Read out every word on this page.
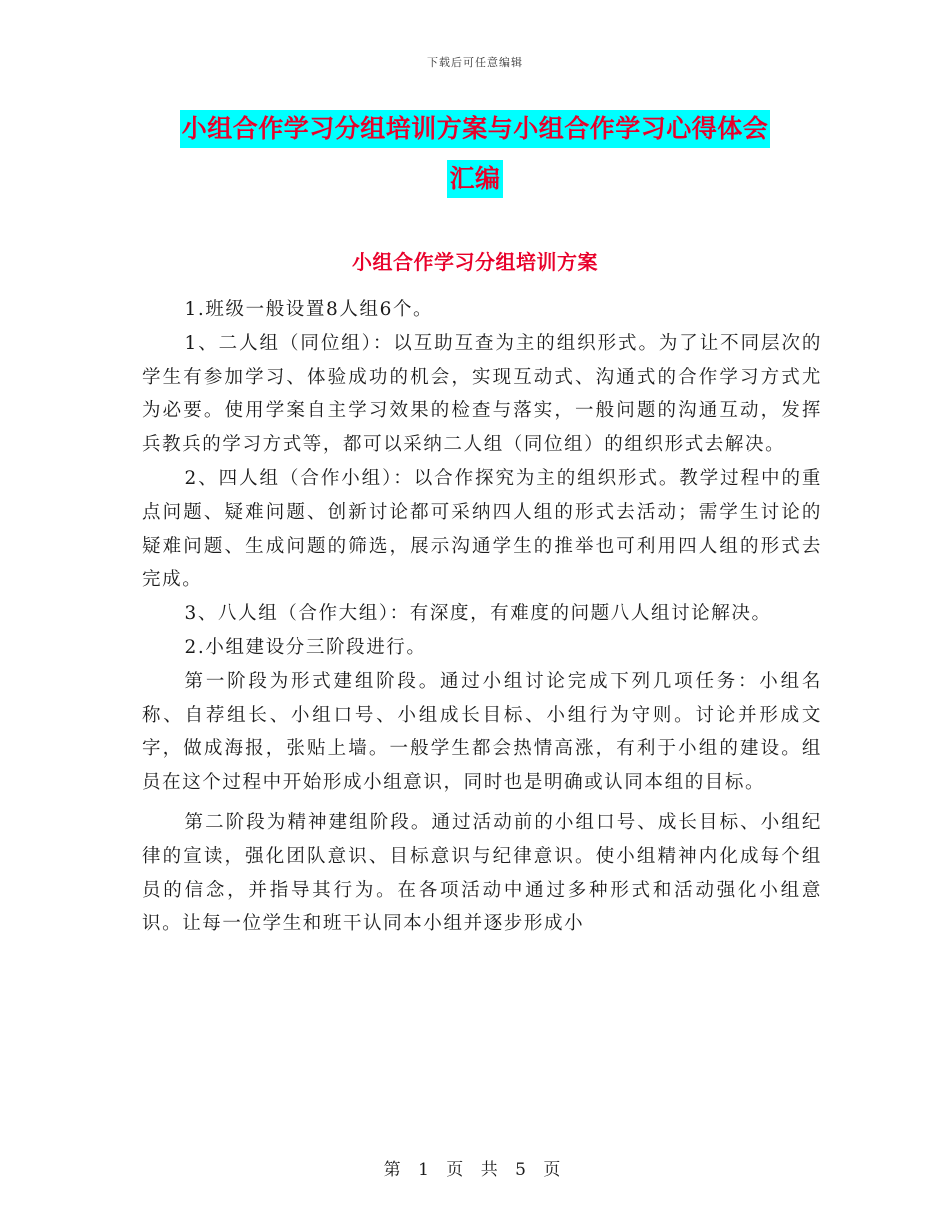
下载后可任意编辑
小组合作学习分组培训方案与小组合作学习心得体会
汇编
小组合作学习分组培训方案

1.班级一般设置8人组6个。

1、二人组（同位组）：以互助互查为主的组织形式。为了让不同层次的学生有参加学习、体验成功的机会，实现互动式、沟通式的合作学习方式尤为必要。使用学案自主学习效果的检查与落实，一般问题的沟通互动，发挥兵教兵的学习方式等，都可以采纳二人组（同位组）的组织形式去解决。

2、四人组（合作小组）：以合作探究为主的组织形式。教学过程中的重点问题、疑难问题、创新讨论都可采纳四人组的形式去活动；需学生讨论的疑难问题、生成问题的筛选，展示沟通学生的推举也可利用四人组的形式去完成。

3、八人组（合作大组）：有深度，有难度的问题八人组讨论解决。

2.小组建设分三阶段进行。

第一阶段为形式建组阶段。通过小组讨论完成下列几项任务：小组名称、自荐组长、小组口号、小组成长目标、小组行为守则。讨论并形成文字，做成海报，张贴上墙。一般学生都会热情高涨，有利于小组的建设。组员在这个过程中开始形成小组意识，同时也是明确或认同本组的目标。

第二阶段为精神建组阶段。通过活动前的小组口号、成长目标、小组纪律的宣读，强化团队意识、目标意识与纪律意识。使小组精神内化成每个组员的信念，并指导其行为。在各项活动中通过多种形式和活动强化小组意识。让每一位学生和班干认同本小组并逐步形成小

第 1 页 共 5 页
